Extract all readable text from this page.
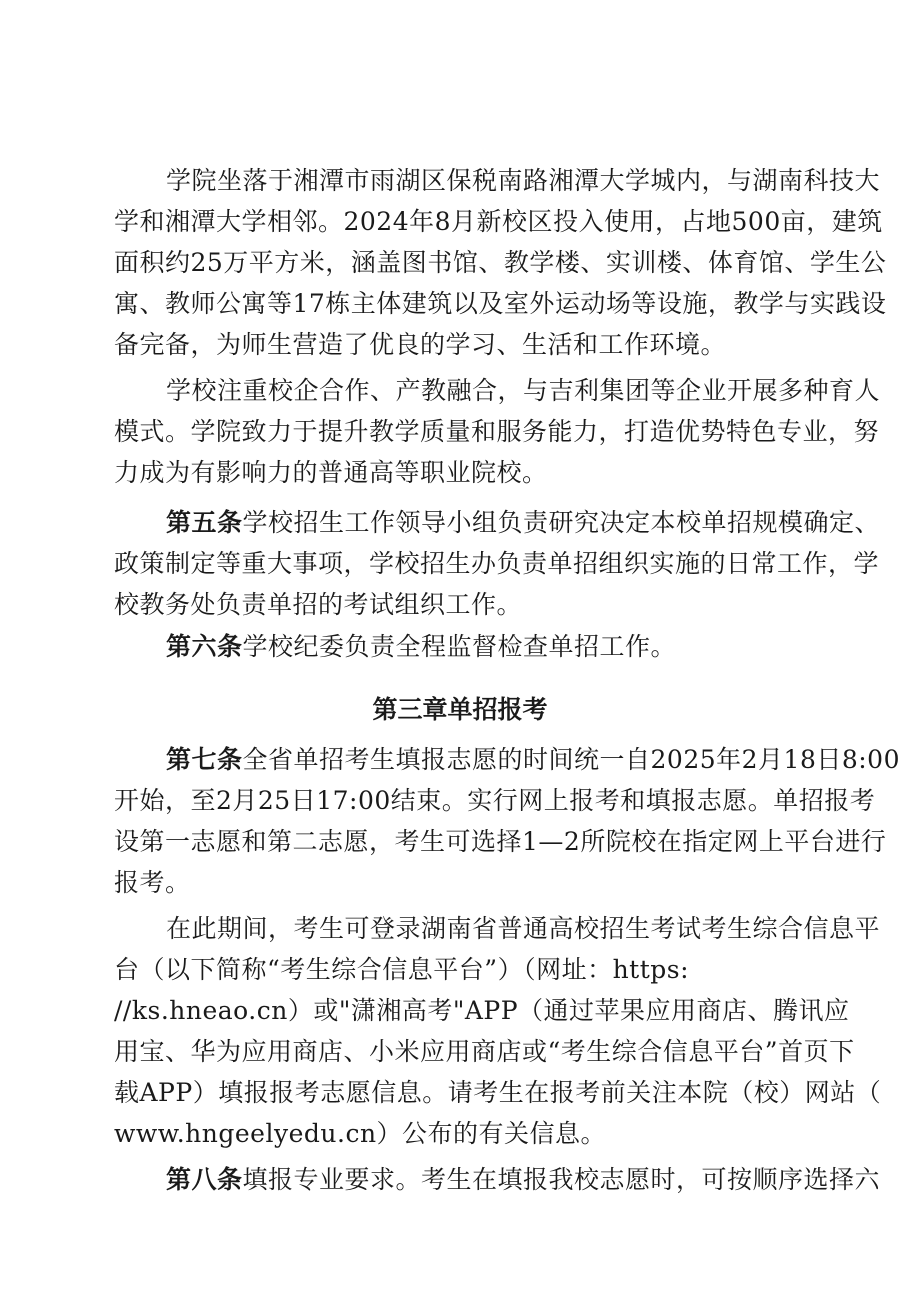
学院坐落于湘潭市雨湖区保税南路湘潭大学城内，与湖南科技大
学和湘潭大学相邻。2024年8月新校区投入使用，占地500亩，建筑
面积约25万平方米，涵盖图书馆、教学楼、实训楼、体育馆、学生公
寓、教师公寓等17栋主体建筑以及室外运动场等设施，教学与实践设
备完备，为师生营造了优良的学习、生活和工作环境。
学校注重校企合作、产教融合，与吉利集团等企业开展多种育人
模式。学院致力于提升教学质量和服务能力，打造优势特色专业，努
力成为有影响力的普通高等职业院校。
第五条学校招生工作领导小组负责研究决定本校单招规模确定、
政策制定等重大事项，学校招生办负责单招组织实施的日常工作，学
校教务处负责单招的考试组织工作。
第六条学校纪委负责全程监督检查单招工作。
第三章单招报考
第七条全省单招考生填报志愿的时间统一自2025年2月18日8:00
开始，至2月25日17:00结束。实行网上报考和填报志愿。单招报考
设第一志愿和第二志愿，考生可选择1—2所院校在指定网上平台进行
报考。
在此期间，考生可登录湖南省普通高校招生考试考生综合信息平
台（以下简称“考生综合信息平台”）（网址：https:
//ks.hneao.cn）或"潇湘高考"APP（通过苹果应用商店、腾讯应
用宝、华为应用商店、小米应用商店或“考生综合信息平台”首页下
载APP）填报报考志愿信息。请考生在报考前关注本院（校）网站（
www.hngeelyedu.cn）公布的有关信息。
第八条填报专业要求。考生在填报我校志愿时，可按顺序选择六
